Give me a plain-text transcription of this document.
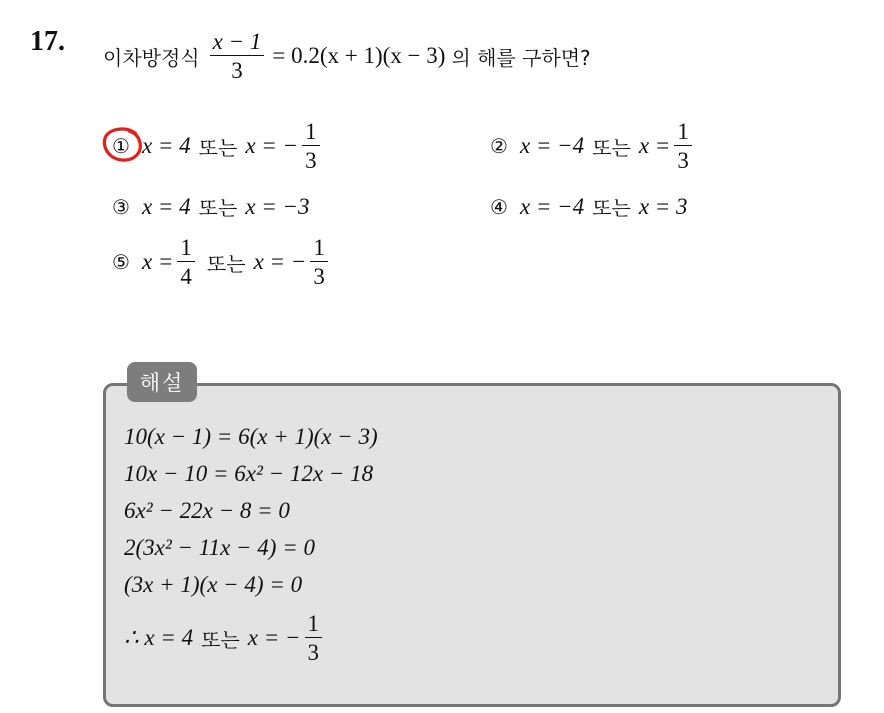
17.
이차방정식 $\frac{x - 1}{3} = 0.2(x + 1)(x - 3)$ 의 해를 구하면?
① x = 4 또는 x = − $\frac{1}{3}$	② x = −4 또는 $x = \frac{1}{3}$
③ x = 4 또는 x = −3	④ x = −4 또는 x = 3
⑤ $x = \frac{1}{4}$ 또는 x = − $\frac{1}{3}$
해설
10(x − 1) = 6(x + 1)(x − 3)
10x − 10 = 6x² − 12x − 18
6x² − 22x − 8 = 0
2(3x² − 11x − 4) = 0
(3x + 1)(x − 4) = 0
∴ x = 4 또는 x = − $\frac{1}{3}$
